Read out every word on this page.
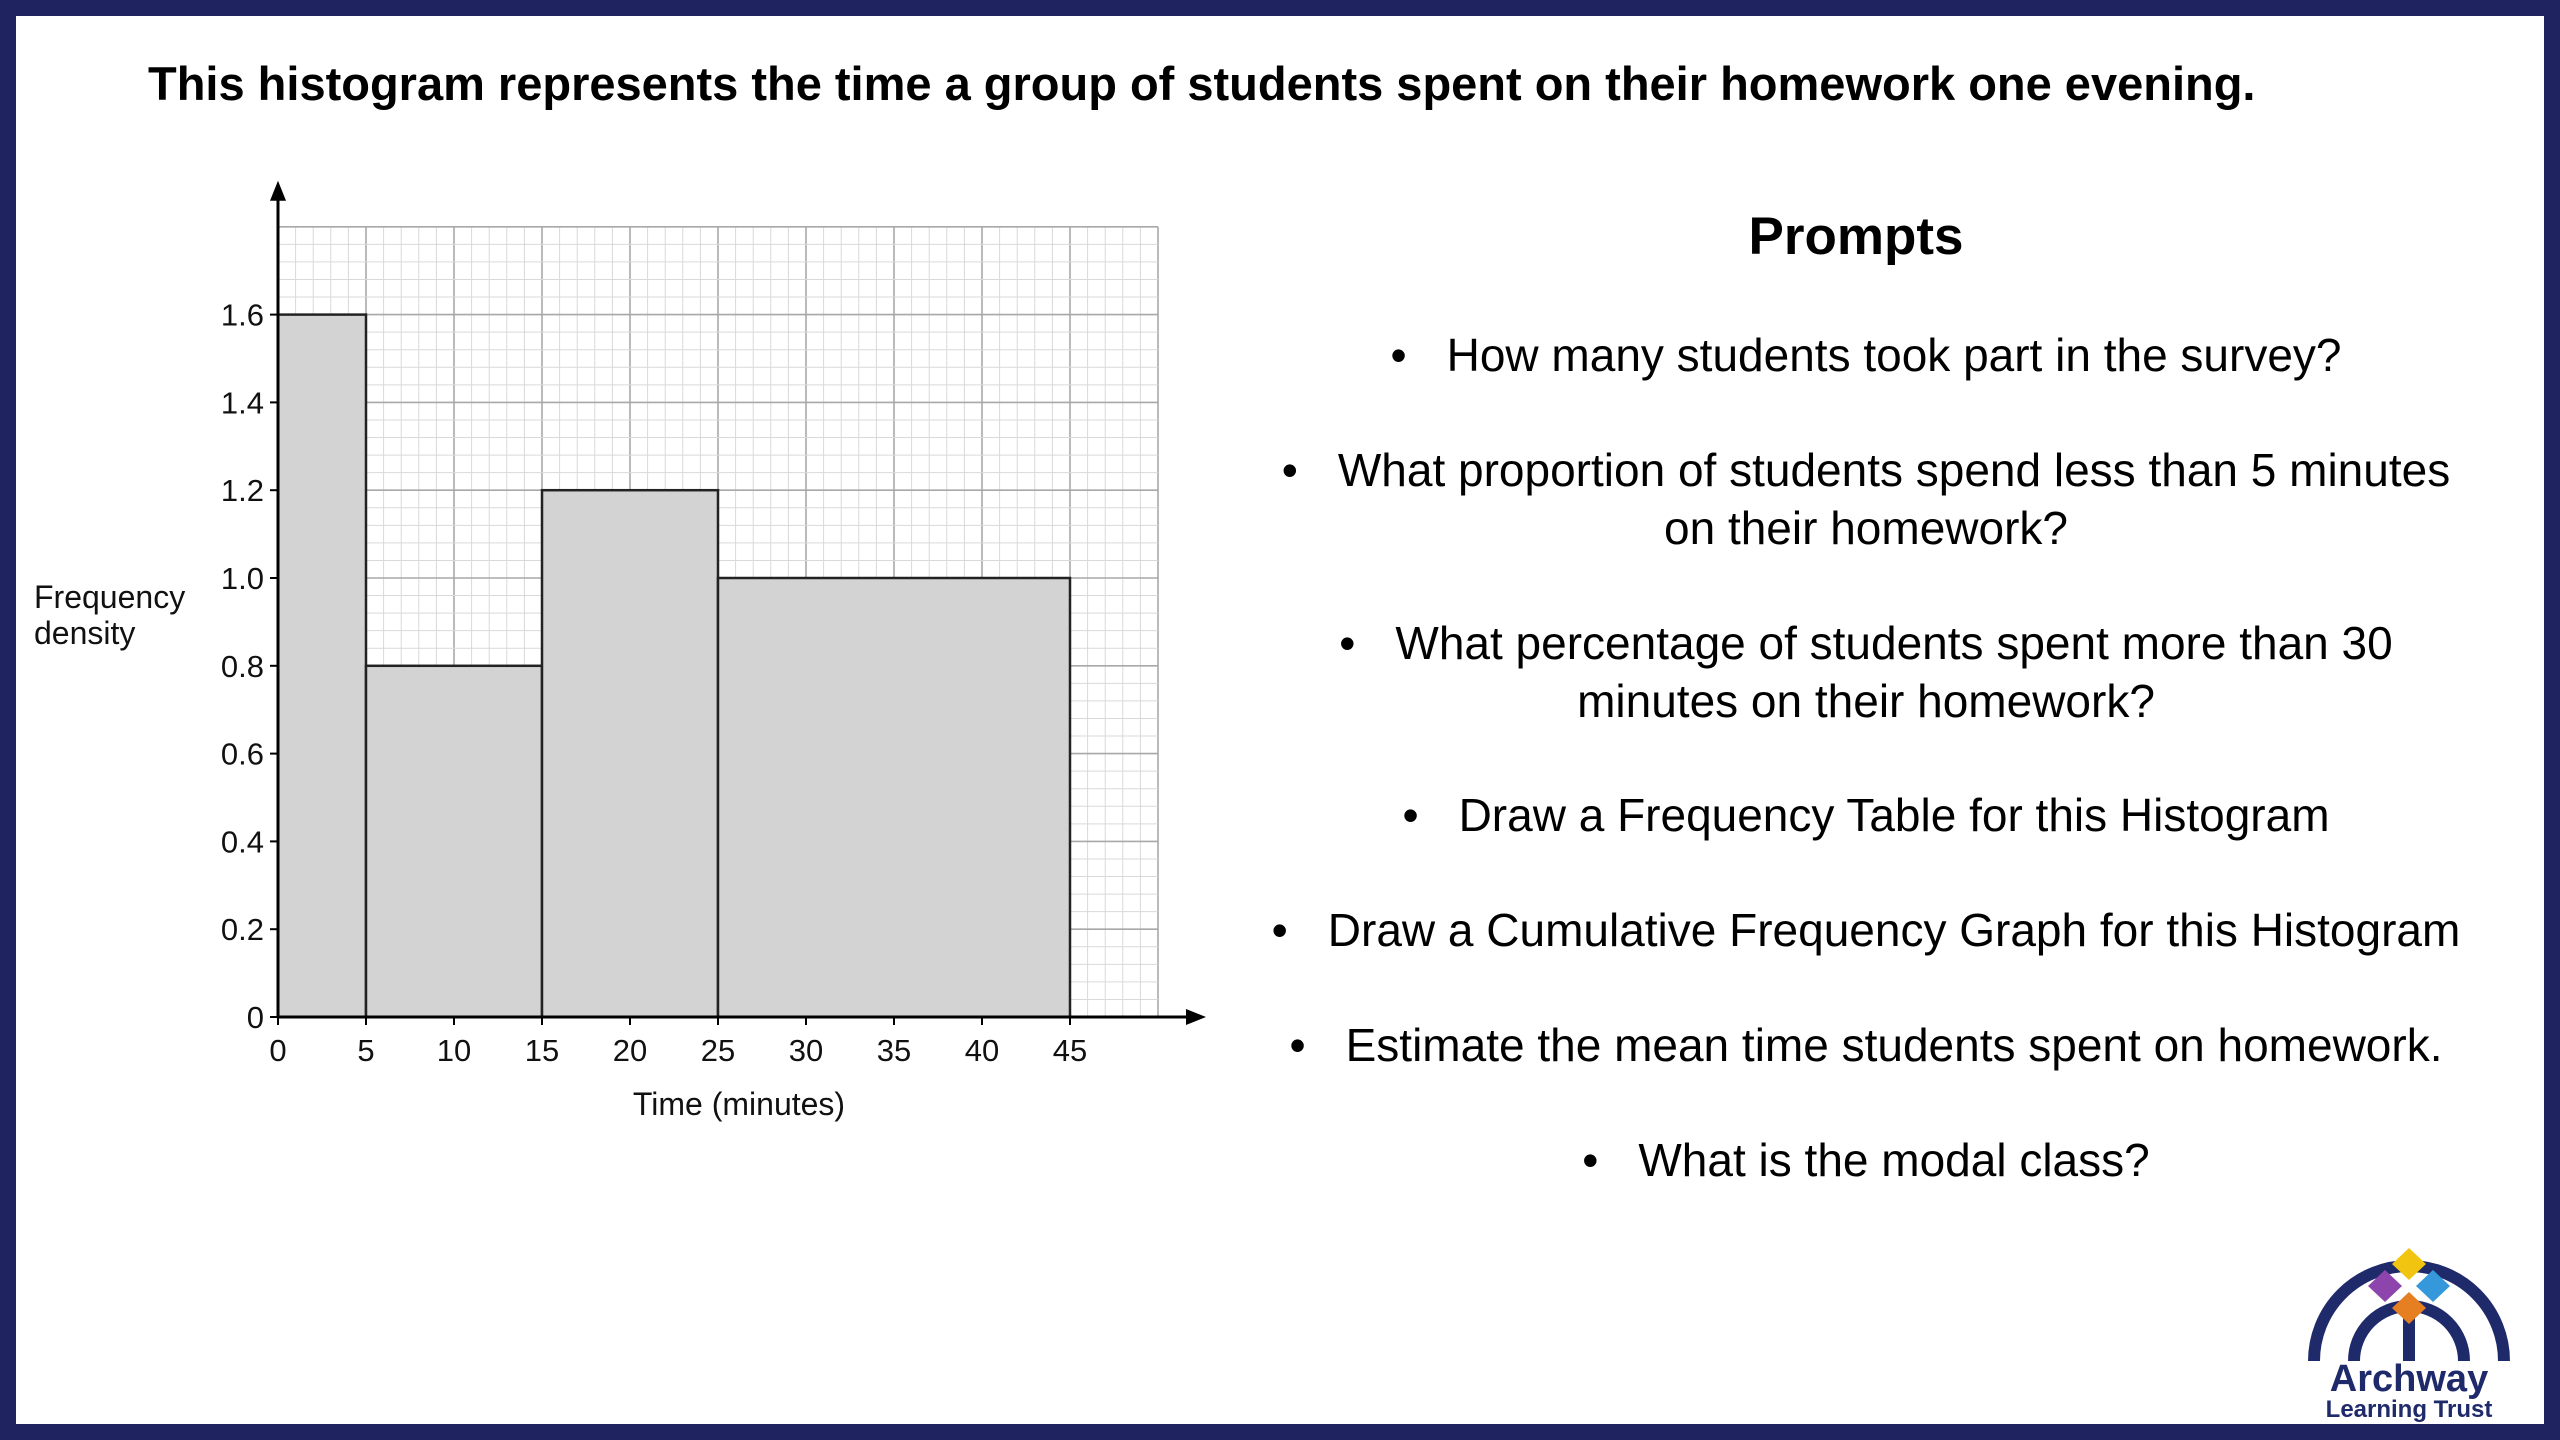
This histogram represents the time a group of students spent on their homework one evening.
0 5 10 15 20 25 30 35 40 45
0
0.2
0.4
0.6
0.8
1.0
1.2
1.4
1.6
Time (minutes)
Frequency
density
Prompts
• How many students took part in the survey?
• What proportion of students spend less than 5 minutes
on their homework?
• What percentage of students spent more than 30
minutes on their homework?
• Draw a Frequency Table for this Histogram
• Draw a Cumulative Frequency Graph for this Histogram
• Estimate the mean time students spent on homework.
• What is the modal class?
Archway
Learning Trust
